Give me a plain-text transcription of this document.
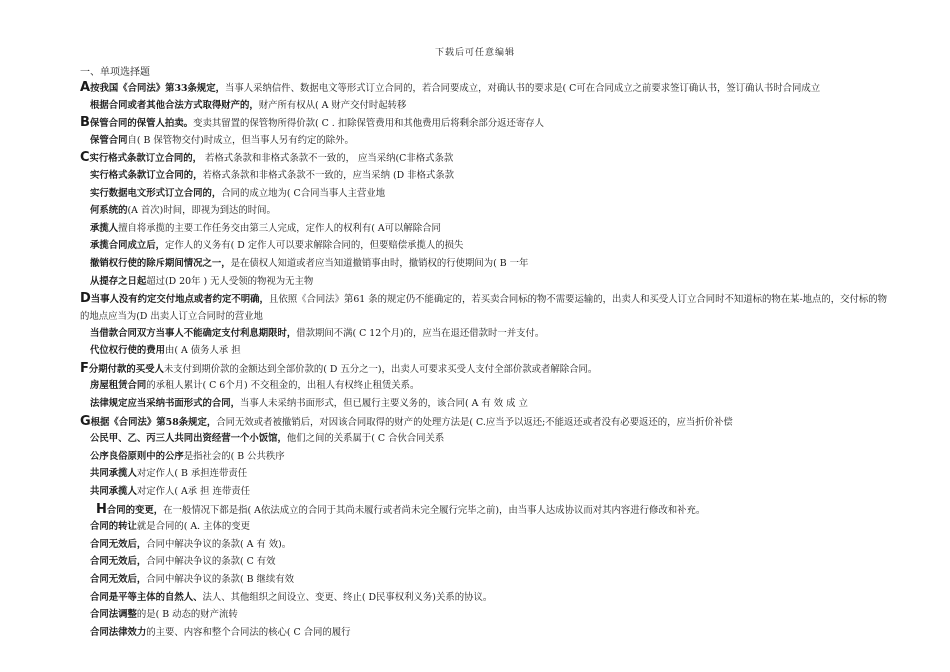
下载后可任意编辑
一、单项选择题
A按我国《合同法》第33条规定，当事人采纳信件、数据电文等形式订立合同的，若合同要成立，对确认书的要求是( C可在合同成立之前要求签订确认书，签订确认书时合同成立
根据合同或者其他合法方式取得财产的，财产所有权从( A 财产交付时起转移
B保管合同的保管人拍卖。变卖其留置的保管物所得价款( C . 扣除保管费用和其他费用后将剩余部分返还寄存人
保管合同自( B 保管物交付)时成立，但当事人另有约定的除外。
C实行格式条款订立合同的， 若格式条款和非格式条款不一致的， 应当采纳(C非格式条款
实行格式条款订立合同的，若格式条款和非格式条款不一致的，应当采纳 (D 非格式条款
实行数据电文形式订立合同的，合同的成立地为( C合同当事人主营业地
何系统的(A 首次)时间，即视为到达的时间。
承揽人擅自将承揽的主要工作任务交由第三人完成，定作人的权利有( A可以解除合同
承揽合同成立后，定作人的义务有( D 定作人可以要求解除合同的，但要赔偿承揽人的损失
撤销权行使的除斥期间情况之一，是在债权人知道或者应当知道撤销事由时，撤销权的行使期间为( B 一年
从提存之日起超过(D 20年 ) 无人受领的物视为无主物
D当事人没有约定交付地点或者约定不明确，且依照《合同法》第61 条的规定仍不能确定的，若买卖合同标的物不需要运输的，出卖人和买受人订立合同时不知道标的物在某-地点的，交付标的物的地点应当为(D 出卖人订立合同时的营业地
当借款合同双方当事人不能确定支付利息期限时，借款期间不满( C 12个月)的，应当在退还借款时一并支付。
代位权行使的费用由( A 债务人承 担
F分期付款的买受人未支付到期价款的金额达到全部价款的( D 五分之一)，出卖人可要求买受人支付全部价款或者解除合同。
房屋租赁合同的承租人累计( C 6个月) 不交租金的，出租人有权终止租赁关系。
法律规定应当采纳书面形式的合同，当事人未采纳书面形式，但已履行主要义务的，该合同( A 有 效 成 立
G根据《合同法》第58条规定，合同无效或者被撤销后，对因该合同取得的财产的处理方法是( C.应当予以返还;不能返还或者没有必要返还的，应当折价补偿
公民甲、乙、丙三人共同出资经营一个小饭馆，他们之间的关系属于( C 合伙合同关系
公序良俗原则中的公序是指社会的( B 公共秩序
共同承揽人对定作人( B 承担连带责任
共同承揽人对定作人( A承 担 连带责任
H合同的变更，在一般情况下都是指( A依法成立的合同于其尚未履行或者尚未完全履行完毕之前)，由当事人达成协议而对其内容进行修改和补充。
合同的转让就是合同的( A. 主体的变更
合同无效后，合同中解决争议的条款( A 有 效)。
合同无效后，合同中解决争议的条款( C 有效
合同无效后，合同中解决争议的条款( B 继续有效
合同是平等主体的自然人、法人、其他组织之间设立、变更、终止( D民事权利义务)关系的协议。
合同法调整的是( B 动态的财产流转
合同法律效力的主要、内容和整个合同法的核心( C 合同的履行
